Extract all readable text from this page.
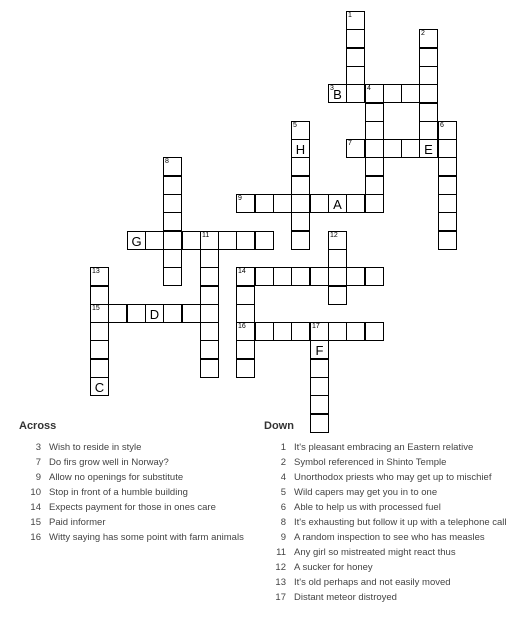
1
2
3 B	4
5
H
6
7	E
8
9	A
G	11	12
13
15
C
14
16
D
17
F
Across
3 Wish to reside in style
7 Do firs grow well in Norway?
9 Allow no openings for substitute
10 Stop in front of a humble building
14 Expects payment for those in ones care
15 Paid informer
16 Witty saying has some point with farm animals
Down
1 It's pleasant embracing an Eastern relative
2 Symbol referenced in Shinto Temple
4 Unorthodox priests who may get up to mischief
5 Wild capers may get you in to one
6 Able to help us with processed fuel
8 It's exhausting but follow it up with a telephone call
9 A random inspection to see who has measles
11 Any girl so mistreated might react thus
12 A sucker for honey
13 It's old perhaps and not easily moved
17 Distant meteor distroyed
